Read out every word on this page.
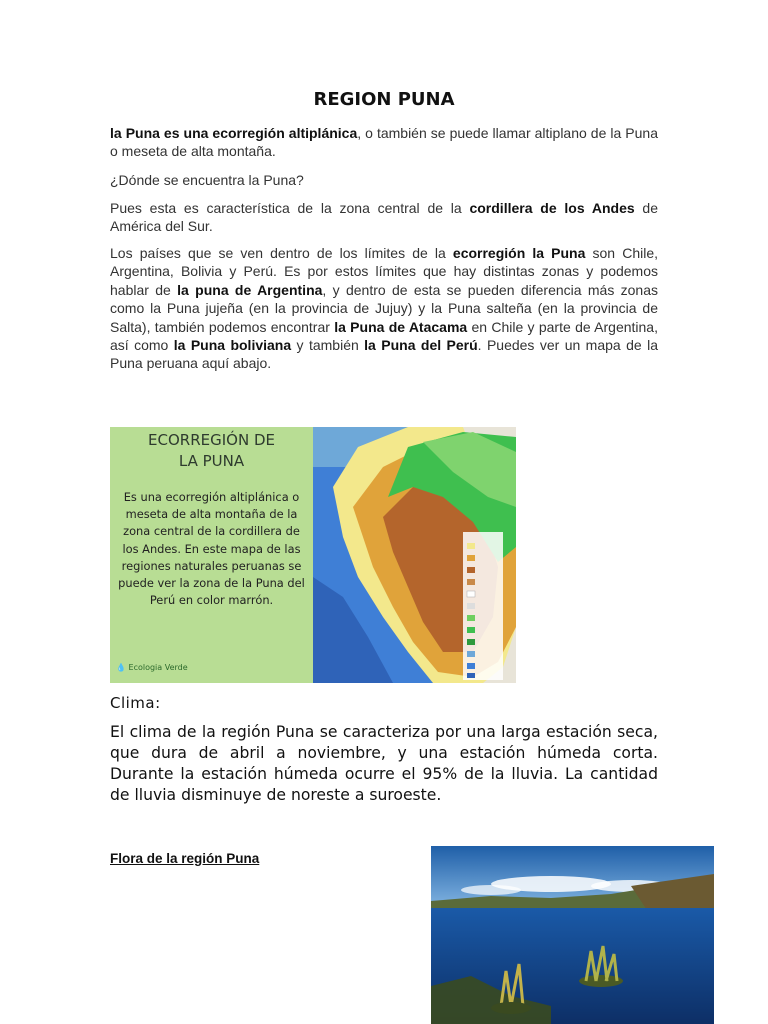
REGION PUNA
la Puna es una ecorregión altiplánica, o también se puede llamar altiplano de la Puna o meseta de alta montaña.
¿Dónde se encuentra la Puna?
Pues esta es característica de la zona central de la cordillera de los Andes de América del Sur.
Los países que se ven dentro de los límites de la ecorregión la Puna son Chile, Argentina, Bolivia y Perú. Es por estos límites que hay distintas zonas y podemos hablar de la puna de Argentina, y dentro de esta se pueden diferencia más zonas como la Puna jujeña (en la provincia de Jujuy) y la Puna salteña (en la provincia de Salta), también podemos encontrar la Puna de Atacama en Chile y parte de Argentina, así como la Puna boliviana y también la Puna del Perú. Puedes ver un mapa de la Puna peruana aquí abajo.
ECORREGIÓN DE
LA PUNA
Es una ecorregión altiplánica o meseta de alta montaña de la zona central de la cordillera de los Andes. En este mapa de las regiones naturales peruanas se puede ver la zona de la Puna del Perú en color marrón.
💧 Ecologia Verde
Clima:
El clima de la región Puna se caracteriza por una larga estación seca, que dura de abril a noviembre, y una estación húmeda corta. Durante la estación húmeda ocurre el 95% de la lluvia. La cantidad de lluvia disminuye de noreste a suroeste.
Flora de la región Puna
